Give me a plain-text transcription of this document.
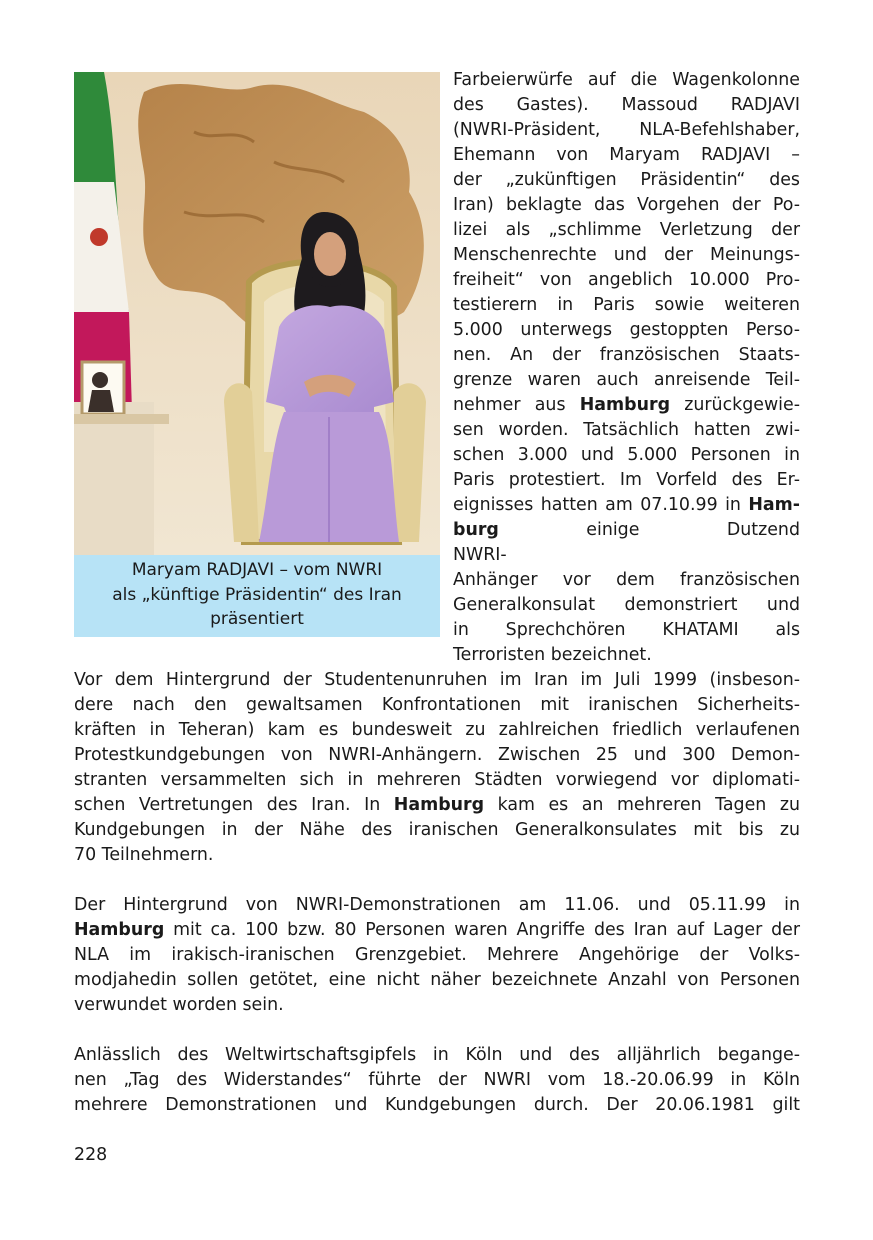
Maryam RADJAVI – vom NWRI
als „künftige Präsidentin“ des Iran
präsentiert
Farbeierwürfe auf die Wagenkolonne
des Gastes). Massoud RADJAVI
(NWRI-Präsident, NLA-Befehlshaber,
Ehemann von Maryam RADJAVI –
der „zukünftigen Präsidentin“ des
Iran) beklagte das Vorgehen der Po-
lizei als „schlimme Verletzung der
Menschenrechte und der Meinungs-
freiheit“ von angeblich 10.000 Pro-
testierern in Paris sowie weiteren
5.000 unterwegs gestoppten Perso-
nen. An der französischen Staats-
grenze waren auch anreisende Teil-
nehmer aus Hamburg zurückgewie-
sen worden. Tatsächlich hatten zwi-
schen 3.000 und 5.000 Personen in
Paris protestiert. Im Vorfeld des Er-
eignisses hatten am 07.10.99 in Ham-
burg einige Dutzend NWRI-
Anhänger vor dem französischen
Generalkonsulat demonstriert und
in Sprechchören KHATAMI als
Terroristen bezeichnet.
Vor dem Hintergrund der Studentenunruhen im Iran im Juli 1999 (insbeson-
dere nach den gewaltsamen Konfrontationen mit iranischen Sicherheits-
kräften in Teheran) kam es bundesweit zu zahlreichen friedlich verlaufenen
Protestkundgebungen von NWRI-Anhängern. Zwischen 25 und 300 Demon-
stranten versammelten sich in mehreren Städten vorwiegend vor diplomati-
schen Vertretungen des Iran. In Hamburg kam es an mehreren Tagen zu
Kundgebungen in der Nähe des iranischen Generalkonsulates mit bis zu
70 Teilnehmern.
Der Hintergrund von NWRI-Demonstrationen am 11.06. und 05.11.99 in
Hamburg mit ca. 100 bzw. 80 Personen waren Angriffe des Iran auf Lager der
NLA im irakisch-iranischen Grenzgebiet. Mehrere Angehörige der Volks-
modjahedin sollen getötet, eine nicht näher bezeichnete Anzahl von Personen
verwundet worden sein.
Anlässlich des Weltwirtschaftsgipfels in Köln und des alljährlich begange-
nen „Tag des Widerstandes“ führte der NWRI vom 18.-20.06.99 in Köln
mehrere Demonstrationen und Kundgebungen durch. Der 20.06.1981 gilt
228
